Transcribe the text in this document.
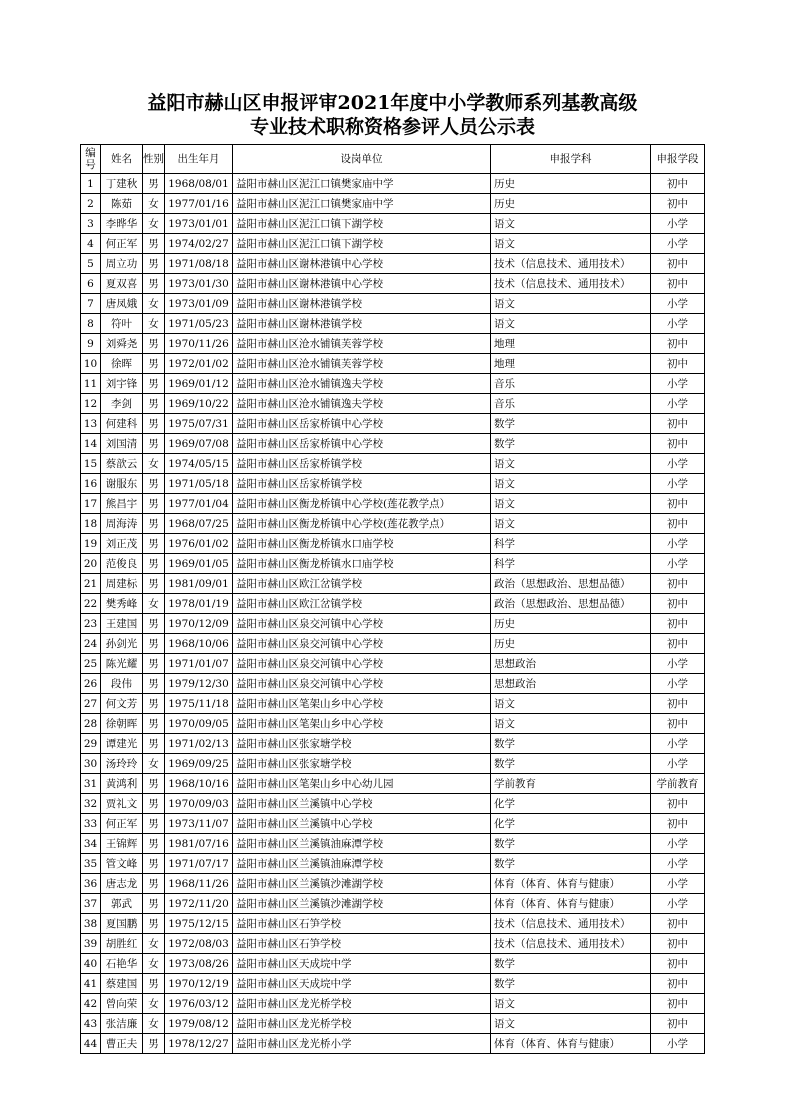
益阳市赫山区申报评审2021年度中小学教师系列基教高级
专业技术职称资格参评人员公示表
编号	姓名	性别	出生年月	设岗单位	申报学科	申报学段
1	丁建秋	男	1968/08/01	益阳市赫山区泥江口镇樊家庙中学	历史	初中
2	陈茹	女	1977/01/16	益阳市赫山区泥江口镇樊家庙中学	历史	初中
3	李晔华	女	1973/01/01	益阳市赫山区泥江口镇下湖学校	语文	小学
4	何正军	男	1974/02/27	益阳市赫山区泥江口镇下湖学校	语文	小学
5	周立功	男	1971/08/18	益阳市赫山区谢林港镇中心学校	技术（信息技术、通用技术）	初中
6	夏双喜	男	1973/01/30	益阳市赫山区谢林港镇中心学校	技术（信息技术、通用技术）	初中
7	唐凤娥	女	1973/01/09	益阳市赫山区谢林港镇学校	语文	小学
8	符叶	女	1971/05/23	益阳市赫山区谢林港镇学校	语文	小学
9	刘舜尧	男	1970/11/26	益阳市赫山区沧水铺镇芙蓉学校	地理	初中
10	徐晖	男	1972/01/02	益阳市赫山区沧水铺镇芙蓉学校	地理	初中
11	刘宇锋	男	1969/01/12	益阳市赫山区沧水铺镇逸夫学校	音乐	小学
12	李剑	男	1969/10/22	益阳市赫山区沧水铺镇逸夫学校	音乐	小学
13	何建科	男	1975/07/31	益阳市赫山区岳家桥镇中心学校	数学	初中
14	刘国清	男	1969/07/08	益阳市赫山区岳家桥镇中心学校	数学	初中
15	蔡歆云	女	1974/05/15	益阳市赫山区岳家桥镇学校	语文	小学
16	谢服东	男	1971/05/18	益阳市赫山区岳家桥镇学校	语文	小学
17	熊昌宇	男	1977/01/04	益阳市赫山区衡龙桥镇中心学校(莲花教学点）	语文	初中
18	周海涛	男	1968/07/25	益阳市赫山区衡龙桥镇中心学校(莲花教学点）	语文	初中
19	刘正茂	男	1976/01/02	益阳市赫山区衡龙桥镇水口庙学校	科学	小学
20	范俊良	男	1969/01/05	益阳市赫山区衡龙桥镇水口庙学校	科学	小学
21	周建标	男	1981/09/01	益阳市赫山区欧江岔镇学校	政治（思想政治、思想品德）	初中
22	樊秀峰	女	1978/01/19	益阳市赫山区欧江岔镇学校	政治（思想政治、思想品德）	初中
23	王建国	男	1970/12/09	益阳市赫山区泉交河镇中心学校	历史	初中
24	孙剑光	男	1968/10/06	益阳市赫山区泉交河镇中心学校	历史	初中
25	陈光耀	男	1971/01/07	益阳市赫山区泉交河镇中心学校	思想政治	小学
26	段伟	男	1979/12/30	益阳市赫山区泉交河镇中心学校	思想政治	小学
27	何文芳	男	1975/11/18	益阳市赫山区笔架山乡中心学校	语文	初中
28	徐朝晖	男	1970/09/05	益阳市赫山区笔架山乡中心学校	语文	初中
29	谭建光	男	1971/02/13	益阳市赫山区张家塘学校	数学	小学
30	汤玲玲	女	1969/09/25	益阳市赫山区张家塘学校	数学	小学
31	黄鸿利	男	1968/10/16	益阳市赫山区笔架山乡中心幼儿园	学前教育	学前教育
32	贾礼文	男	1970/09/03	益阳市赫山区兰溪镇中心学校	化学	初中
33	何正军	男	1973/11/07	益阳市赫山区兰溪镇中心学校	化学	初中
34	王锦辉	男	1981/07/16	益阳市赫山区兰溪镇油麻潭学校	数学	小学
35	管文峰	男	1971/07/17	益阳市赫山区兰溪镇油麻潭学校	数学	小学
36	唐志龙	男	1968/11/26	益阳市赫山区兰溪镇沙滩湖学校	体育（体育、体育与健康）	小学
37	郭武	男	1972/11/20	益阳市赫山区兰溪镇沙滩湖学校	体育（体育、体育与健康）	小学
38	夏国鹏	男	1975/12/15	益阳市赫山区石笋学校	技术（信息技术、通用技术）	初中
39	胡胜红	女	1972/08/03	益阳市赫山区石笋学校	技术（信息技术、通用技术）	初中
40	石艳华	女	1973/08/26	益阳市赫山区天成垸中学	数学	初中
41	蔡建国	男	1970/12/19	益阳市赫山区天成垸中学	数学	初中
42	曾向荣	女	1976/03/12	益阳市赫山区龙光桥学校	语文	初中
43	张洁廉	女	1979/08/12	益阳市赫山区龙光桥学校	语文	初中
44	曹正夫	男	1978/12/27	益阳市赫山区龙光桥小学	体育（体育、体育与健康）	小学
